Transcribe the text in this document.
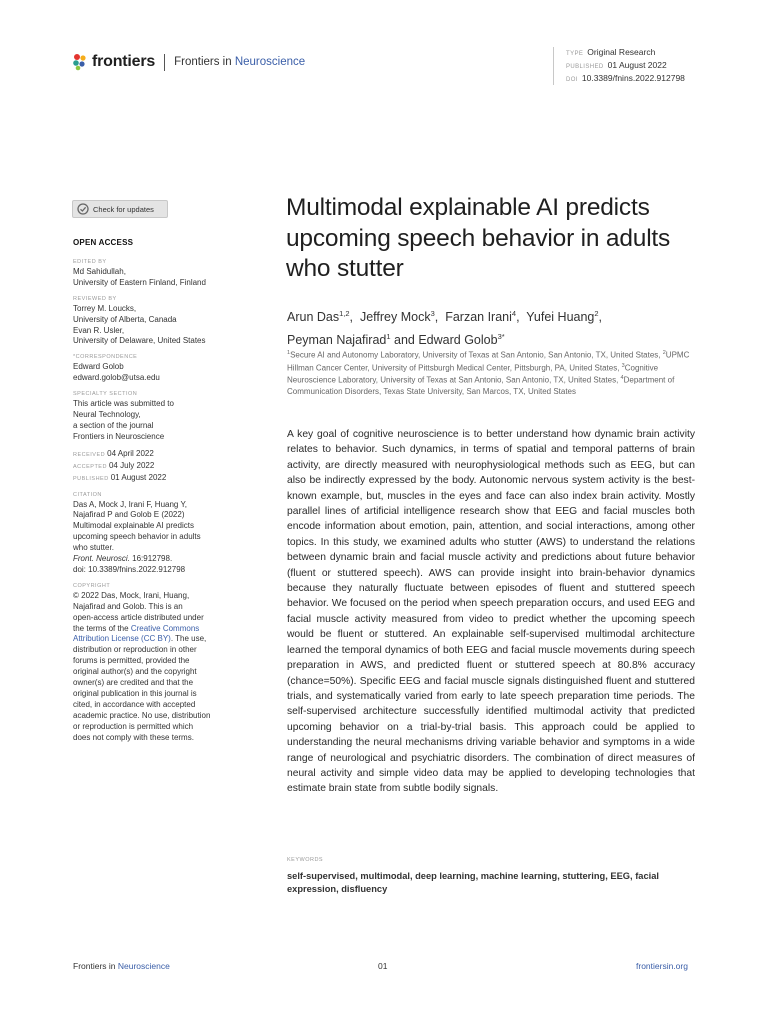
frontiers Frontiers in Neuroscience
TYPE Original Research
PUBLISHED 01 August 2022
DOI 10.3389/fnins.2022.912798
Check for updates
OPEN ACCESS
EDITED BY
Md Sahidullah,
University of Eastern Finland, Finland
REVIEWED BY
Torrey M. Loucks,
University of Alberta, Canada
Evan R. Usler,
University of Delaware, United States
*CORRESPONDENCE
Edward Golob
edward.golob@utsa.edu
SPECIALTY SECTION
This article was submitted to
Neural Technology,
a section of the journal
Frontiers in Neuroscience
RECEIVED 04 April 2022
ACCEPTED 04 July 2022
PUBLISHED 01 August 2022
CITATION
Das A, Mock J, Irani F, Huang Y,
Najafirad P and Golob E (2022)
Multimodal explainable AI predicts
upcoming speech behavior in adults
who stutter.
Front. Neurosci. 16:912798.
doi: 10.3389/fnins.2022.912798
COPYRIGHT
© 2022 Das, Mock, Irani, Huang,
Najafirad and Golob. This is an
open-access article distributed under
the terms of the Creative Commons
Attribution License (CC BY). The use,
distribution or reproduction in other
forums is permitted, provided the
original author(s) and the copyright
owner(s) are credited and that the
original publication in this journal is
cited, in accordance with accepted
academic practice. No use, distribution
or reproduction is permitted which
does not comply with these terms.
Multimodal explainable AI predicts upcoming speech behavior in adults who stutter
Arun Das$^{1,2}$,  Jeffrey Mock$^3$,  Farzan Irani$^4$,  Yufei Huang$^2$,
Peyman Najafirad$^1$ and Edward Golob$^{3*}$
$^1$Secure AI and Autonomy Laboratory, University of Texas at San Antonio, San Antonio, TX, United States, $^2$UPMC Hillman Cancer Center, University of Pittsburgh Medical Center, Pittsburgh, PA, United States, $^3$Cognitive Neuroscience Laboratory, University of Texas at San Antonio, San Antonio, TX, United States, $^4$Department of Communication Disorders, Texas State University, San Marcos, TX, United States
A key goal of cognitive neuroscience is to better understand how dynamic brain activity relates to behavior. Such dynamics, in terms of spatial and temporal patterns of brain activity, are directly measured with neurophysiological methods such as EEG, but can also be indirectly expressed by the body. Autonomic nervous system activity is the best-known example, but, muscles in the eyes and face can also index brain activity. Mostly parallel lines of artificial intelligence research show that EEG and facial muscles both encode information about emotion, pain, attention, and social interactions, among other topics. In this study, we examined adults who stutter (AWS) to understand the relations between dynamic brain and facial muscle activity and predictions about future behavior (fluent or stuttered speech). AWS can provide insight into brain-behavior dynamics because they naturally fluctuate between episodes of fluent and stuttered speech behavior. We focused on the period when speech preparation occurs, and used EEG and facial muscle activity measured from video to predict whether the upcoming speech would be fluent or stuttered. An explainable self-supervised multimodal architecture learned the temporal dynamics of both EEG and facial muscle movements during speech preparation in AWS, and predicted fluent or stuttered speech at 80.8% accuracy (chance=50%). Specific EEG and facial muscle signals distinguished fluent and stuttered trials, and systematically varied from early to late speech preparation time periods. The self-supervised architecture successfully identified multimodal activity that predicted upcoming behavior on a trial-by-trial basis. This approach could be applied to understanding the neural mechanisms driving variable behavior and symptoms in a wide range of neurological and psychiatric disorders. The combination of direct measures of neural activity and simple video data may be applied to developing technologies that estimate brain state from subtle bodily signals.
KEYWORDS
self-supervised, multimodal, deep learning, machine learning, stuttering, EEG, facial expression, disfluency
Frontiers in Neuroscience	01	frontiersin.org
